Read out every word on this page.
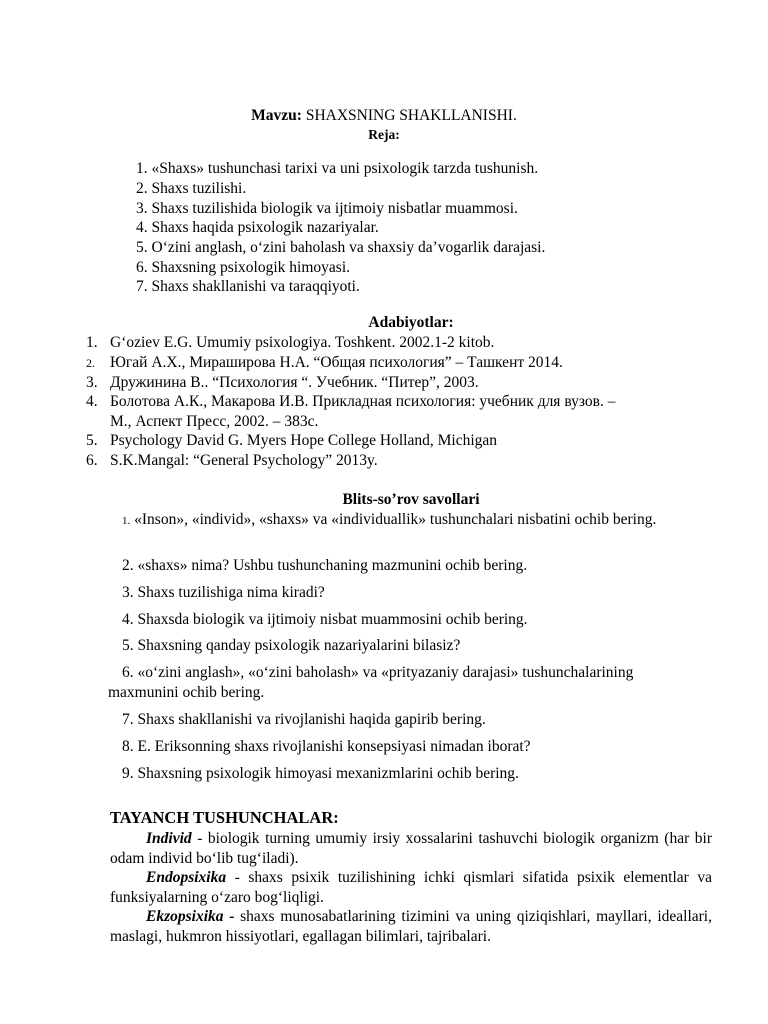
Mavzu: SHAXSNING SHAKLLANISHI.
Reja:
1. «Shaxs» tushunchasi tarixi va uni psixologik tarzda tushunish.
2. Shaxs tuzilishi.
3. Shaxs tuzilishida biologik va ijtimoiy nisbatlar muammosi.
4. Shaxs haqida psixologik nazariyalar.
5. O‘zini anglash, o‘zini baholash va shaxsiy da’vogarlik darajasi.
6. Shaxsning psixologik himoyasi.
7. Shaxs shakllanishi va taraqqiyoti.
Adabiyotlar:
1. G‘oziev E.G. Umumiy psixologiya. Toshkent. 2002.1-2 kitob.
2. Югай А.Х., Мираширова Н.А. “Общая психология” – Ташкент 2014.
3. Дружинина В.. “Психология “. Учебник. “Питер”, 2003.
4. Болотова А.К., Макарова И.В. Прикладная психология: учебник для вузов. –
М., Аспект Пресс, 2002. – 383с.
5. Psychology David G. Myers Hope College Holland, Michigan
6. S.K.Mangal: “General Psychology” 2013y.
Blits-so’rov savollari
1. «Inson», «individ», «shaxs» va «individuallik» tushunchalari nisbatini ochib bering.
2. «shaxs» nima? Ushbu tushunchaning mazmunini ochib bering.
3. Shaxs tuzilishiga nima kiradi?
4. Shaxsda biologik va ijtimoiy nisbat muammosini ochib bering.
5. Shaxsning qanday psixologik nazariyalarini bilasiz?
6. «o‘zini anglash», «o‘zini baholash» va «prityazaniy darajasi» tushunchalarining maxmunini ochib bering.
7. Shaxs shakllanishi va rivojlanishi haqida gapirib bering.
8. E. Eriksonning shaxs rivojlanishi konsepsiyasi nimadan iborat?
9. Shaxsning psixologik himoyasi mexanizmlarini ochib bering.
TAYANCH TUSHUNCHALAR:
Individ - biologik turning umumiy irsiy xossalarini tashuvchi biologik organizm (har bir odam individ bo‘lib tug‘iladi).
Endopsixika - shaxs psixik tuzilishining ichki qismlari sifatida psixik elementlar va funksiyalarning o‘zaro bog‘liqligi.
Ekzopsixika - shaxs munosabatlarining tizimini va uning qiziqishlari, mayllari, ideallari, maslagi, hukmron hissiyotlari, egallagan bilimlari, tajribalari.
